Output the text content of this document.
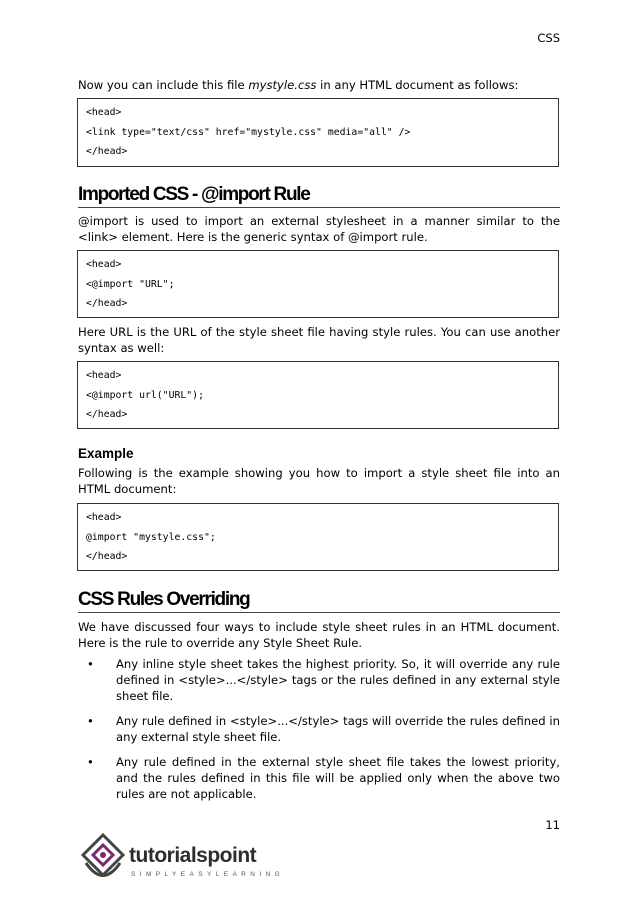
CSS
Now you can include this file mystyle.css in any HTML document as follows:
<head>
<link type="text/css" href="mystyle.css" media="all" />
</head>
Imported CSS - @import Rule
@import is used to import an external stylesheet in a manner similar to the <link> element. Here is the generic syntax of @import rule.
<head>
<@import "URL";
</head>
Here URL is the URL of the style sheet file having style rules. You can use another syntax as well:
<head>
<@import url("URL");
</head>
Example
Following is the example showing you how to import a style sheet file into an HTML document:
<head>
@import "mystyle.css";
</head>
CSS Rules Overriding
We have discussed four ways to include style sheet rules in an HTML document. Here is the rule to override any Style Sheet Rule.
• Any inline style sheet takes the highest priority. So, it will override any rule defined in <style>...</style> tags or the rules defined in any external style sheet file.
• Any rule defined in <style>...</style> tags will override the rules defined in any external style sheet file.
• Any rule defined in the external style sheet file takes the lowest priority, and the rules defined in this file will be applied only when the above two rules are not applicable.
11
tutorialspoint
SIMPLYEASYLEARNING
